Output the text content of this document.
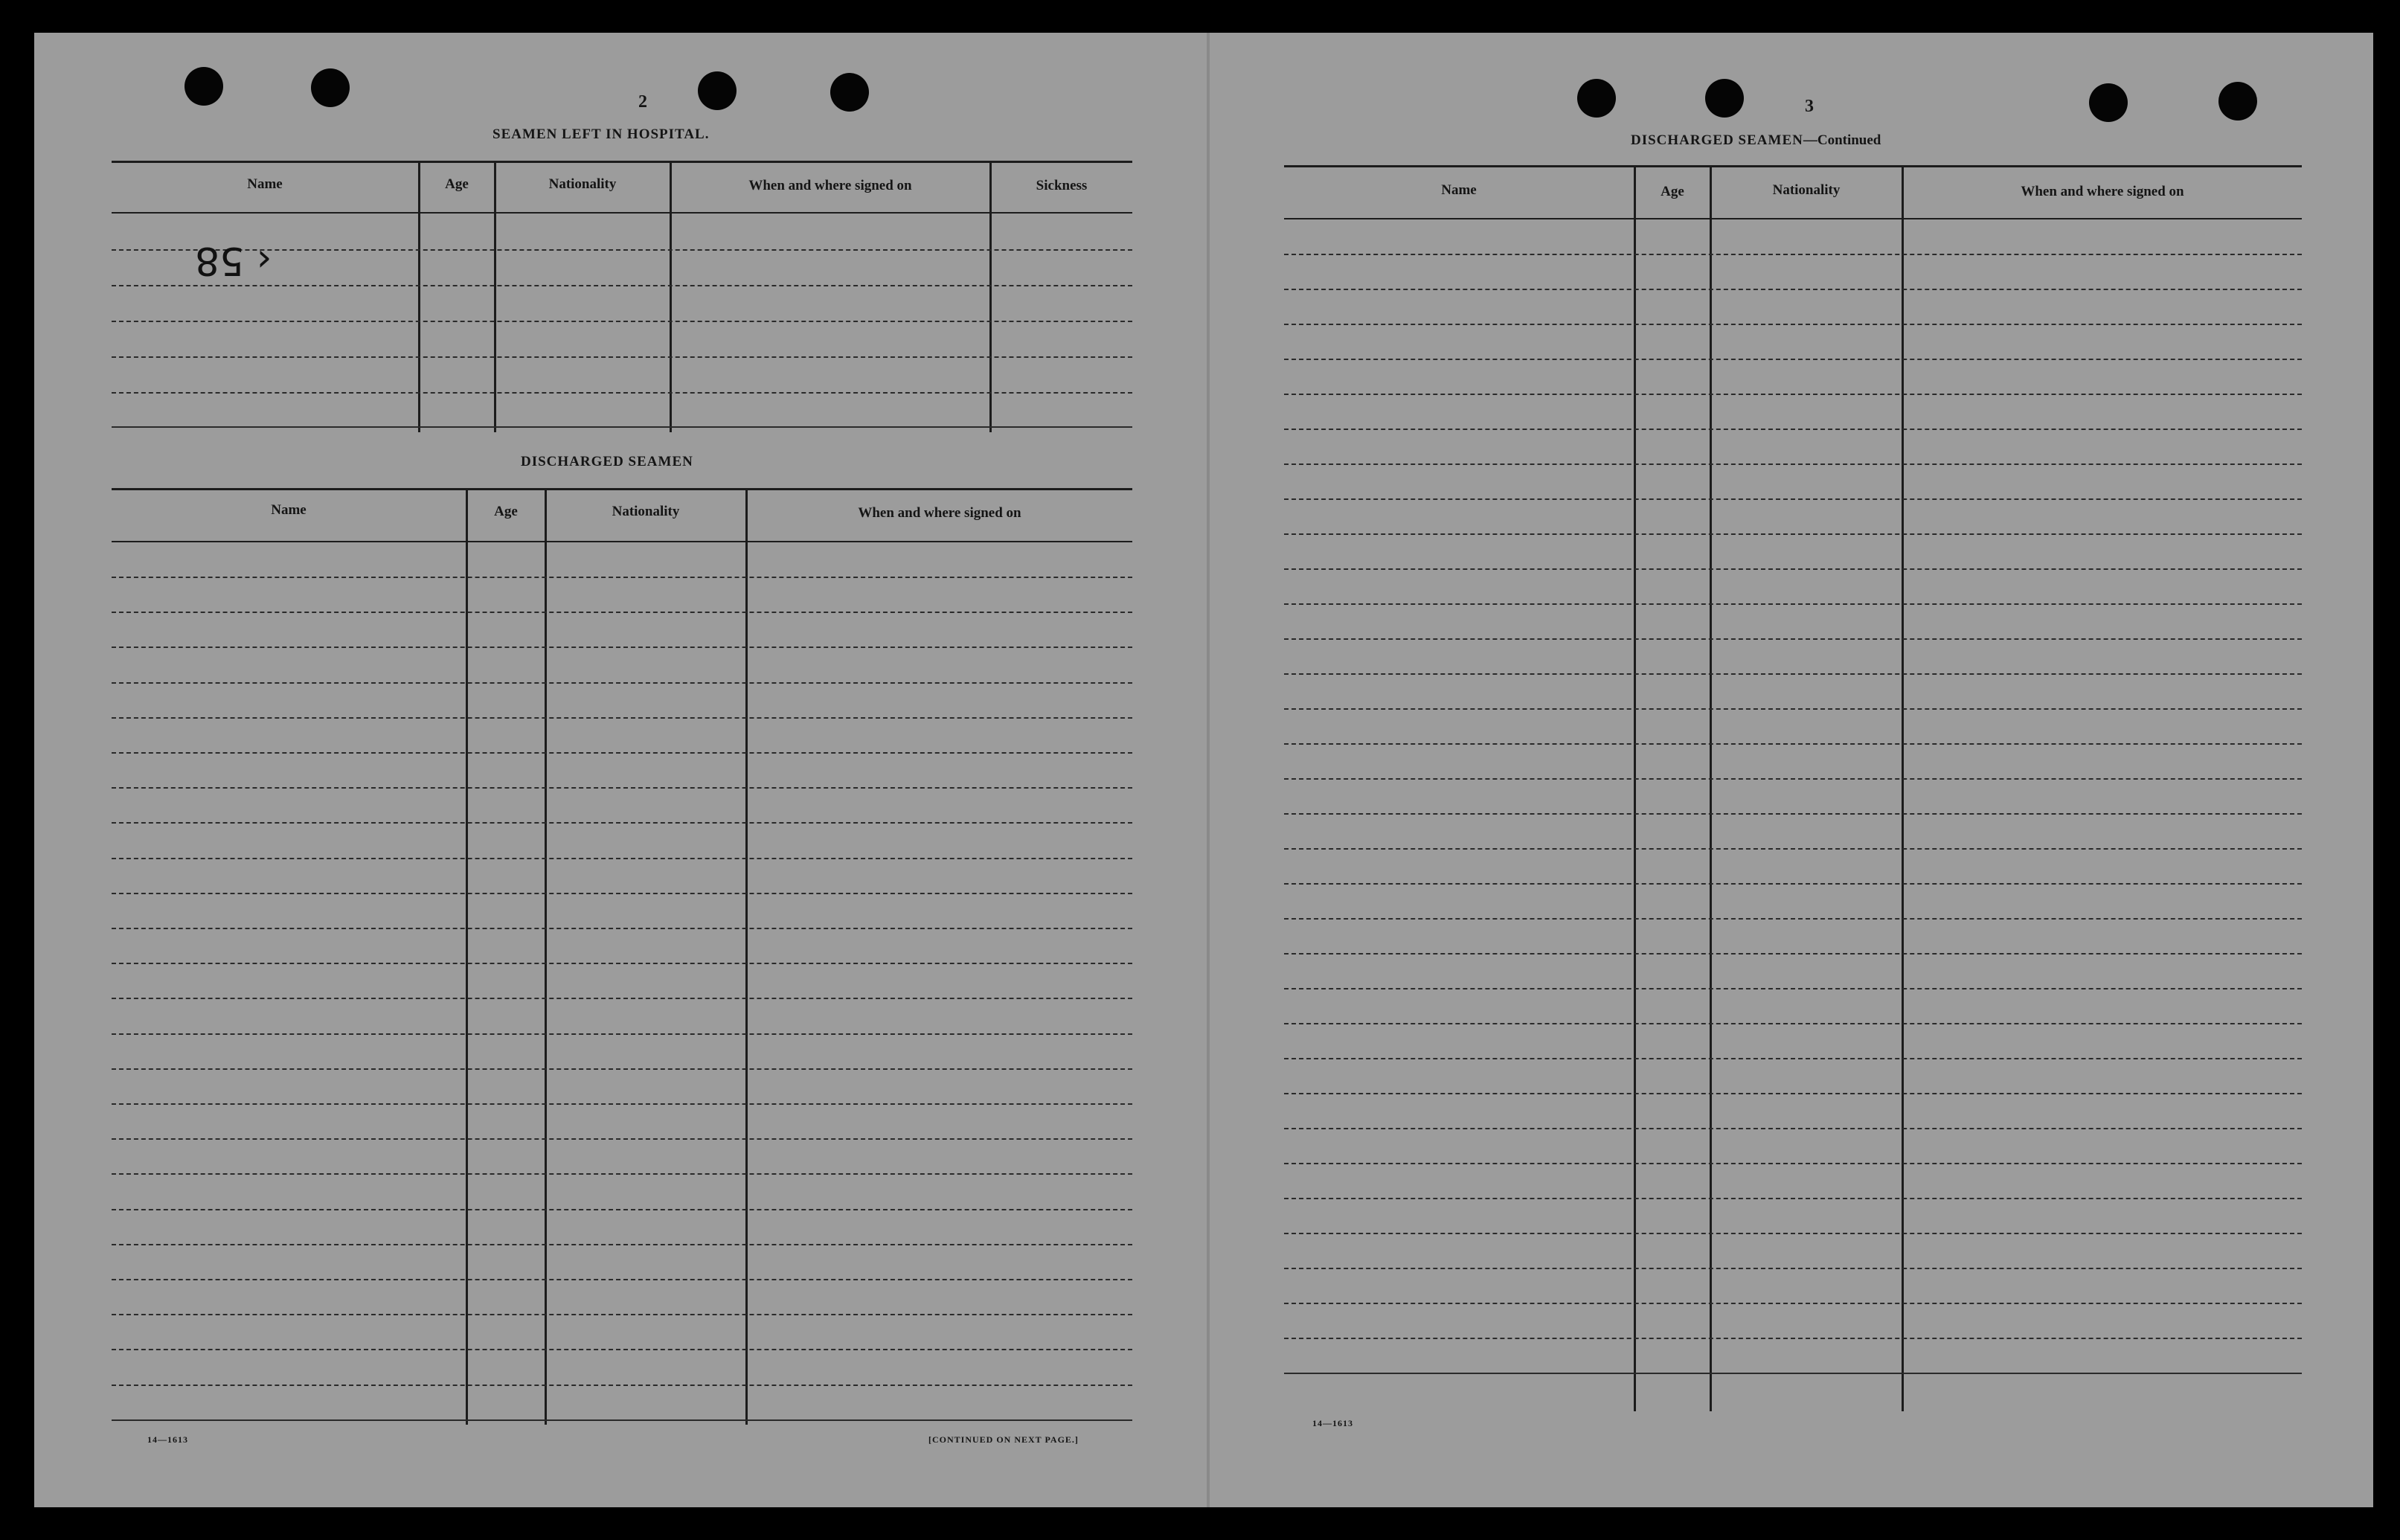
2
SEAMEN LEFT IN HOSPITAL.
Name	Age	Nationality	When and where signed on	Sickness
‹ 58
DISCHARGED SEAMEN
Name	Age	Nationality	When and where signed on
14—1613	[CONTINUED ON NEXT PAGE.]
3
DISCHARGED SEAMEN—Continued
Name	Age	Nationality	When and where signed on
14—1613
